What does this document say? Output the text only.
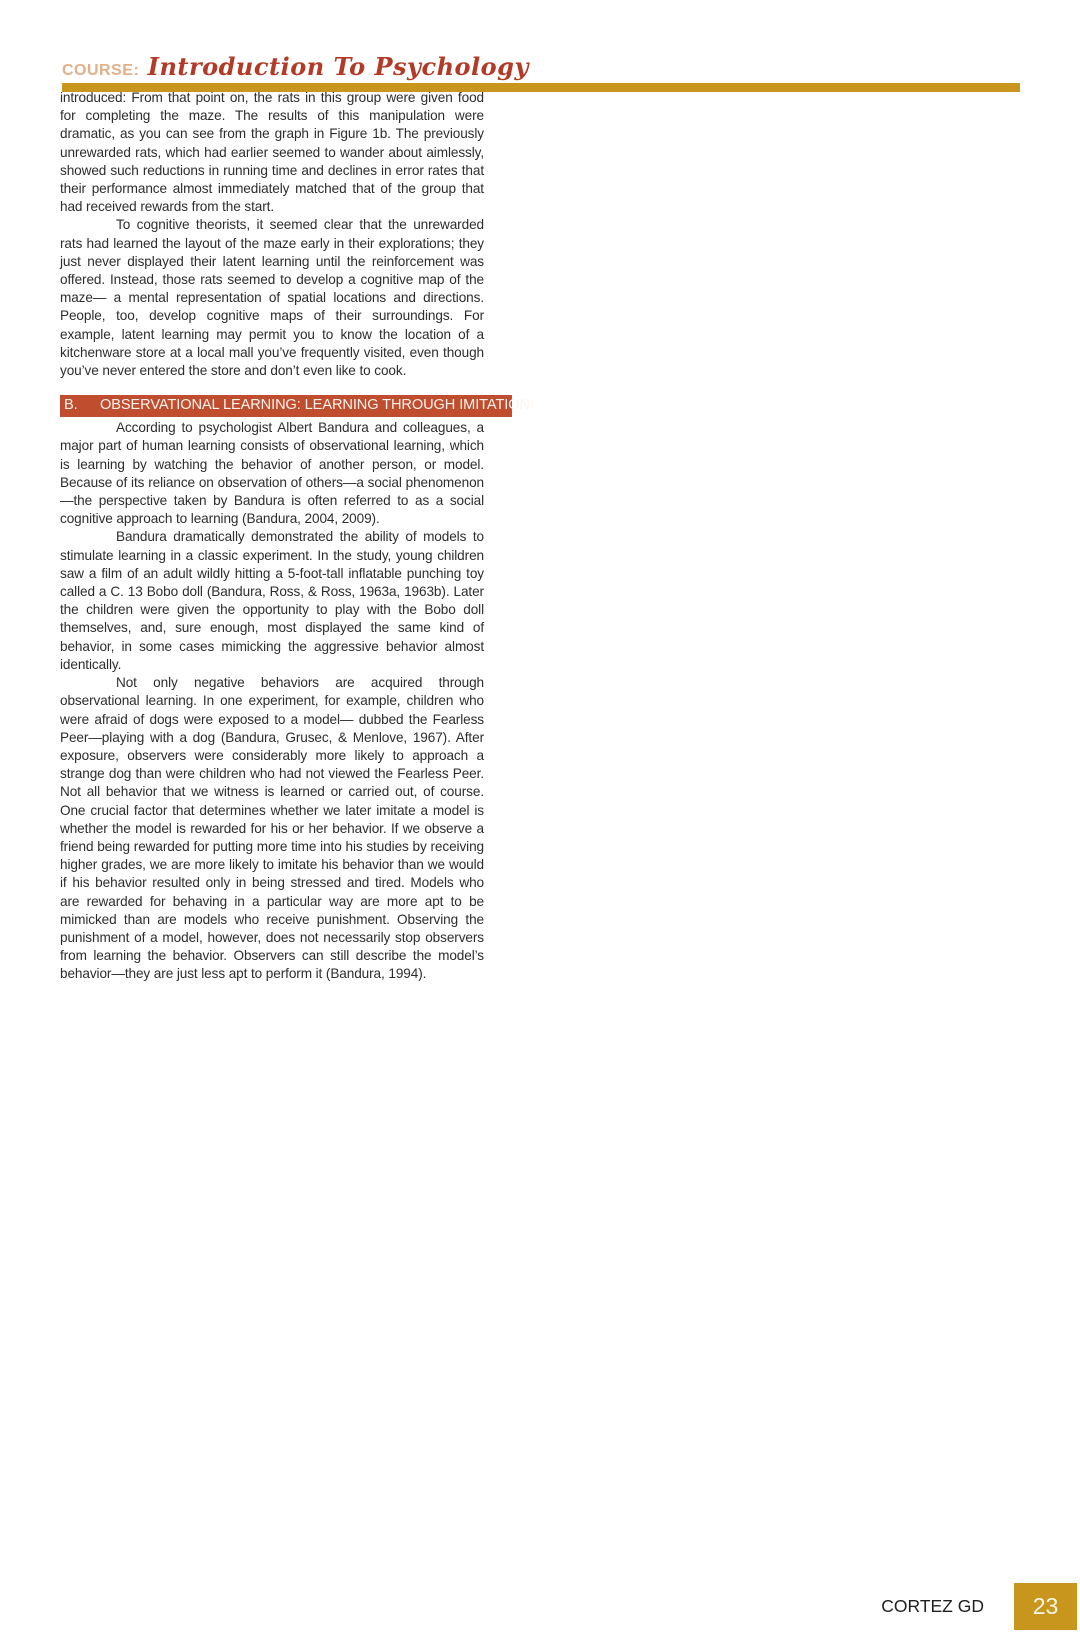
COURSE: Introduction To Psychology

introduced: From that point on, the rats in this group were given food for completing the maze. The results of this manipulation were dramatic, as you can see from the graph in Figure 1b. The previously unrewarded rats, which had earlier seemed to wander about aimlessly, showed such reductions in running time and declines in error rates that their performance almost immediately matched that of the group that had received rewards from the start.

To cognitive theorists, it seemed clear that the unrewarded rats had learned the layout of the maze early in their explorations; they just never displayed their latent learning until the reinforcement was offered. Instead, those rats seemed to develop a cognitive map of the maze— a mental representation of spatial locations and directions. People, too, develop cognitive maps of their surroundings. For example, latent learning may permit you to know the location of a kitchenware store at a local mall you’ve frequently visited, even though you’ve never entered the store and don’t even like to cook.

B. OBSERVATIONAL LEARNING: LEARNING THROUGH IMITATION

According to psychologist Albert Bandura and colleagues, a major part of human learning consists of observational learning, which is learning by watching the behavior of another person, or model. Because of its reliance on observation of others—a social phenomenon—the perspective taken by Bandura is often referred to as a social cognitive approach to learning (Bandura, 2004, 2009).

Bandura dramatically demonstrated the ability of models to stimulate learning in a classic experiment. In the study, young children saw a film of an adult wildly hitting a 5-foot-tall inflatable punching toy called a C. 13 Bobo doll (Bandura, Ross, & Ross, 1963a, 1963b). Later the children were given the opportunity to play with the Bobo doll themselves, and, sure enough, most displayed the same kind of behavior, in some cases mimicking the aggressive behavior almost identically.

Not only negative behaviors are acquired through observational learning. In one experiment, for example, children who were afraid of dogs were exposed to a model— dubbed the Fearless Peer—playing with a dog (Bandura, Grusec, & Menlove, 1967). After exposure, observers were considerably more likely to approach a strange dog than were children who had not viewed the Fearless Peer. Not all behavior that we witness is learned or carried out, of course. One crucial factor that determines whether we later imitate a model is whether the model is rewarded for his or her behavior. If we observe a friend being rewarded for putting more time into his studies by receiving higher grades, we are more likely to imitate his behavior than we would if his behavior resulted only in being stressed and tired. Models who are rewarded for behaving in a particular way are more apt to be mimicked than are models who receive punishment. Observing the punishment of a model, however, does not necessarily stop observers from learning the behavior. Observers can still describe the model’s behavior—they are just less apt to perform it (Bandura, 1994).

CORTEZ GD 23
